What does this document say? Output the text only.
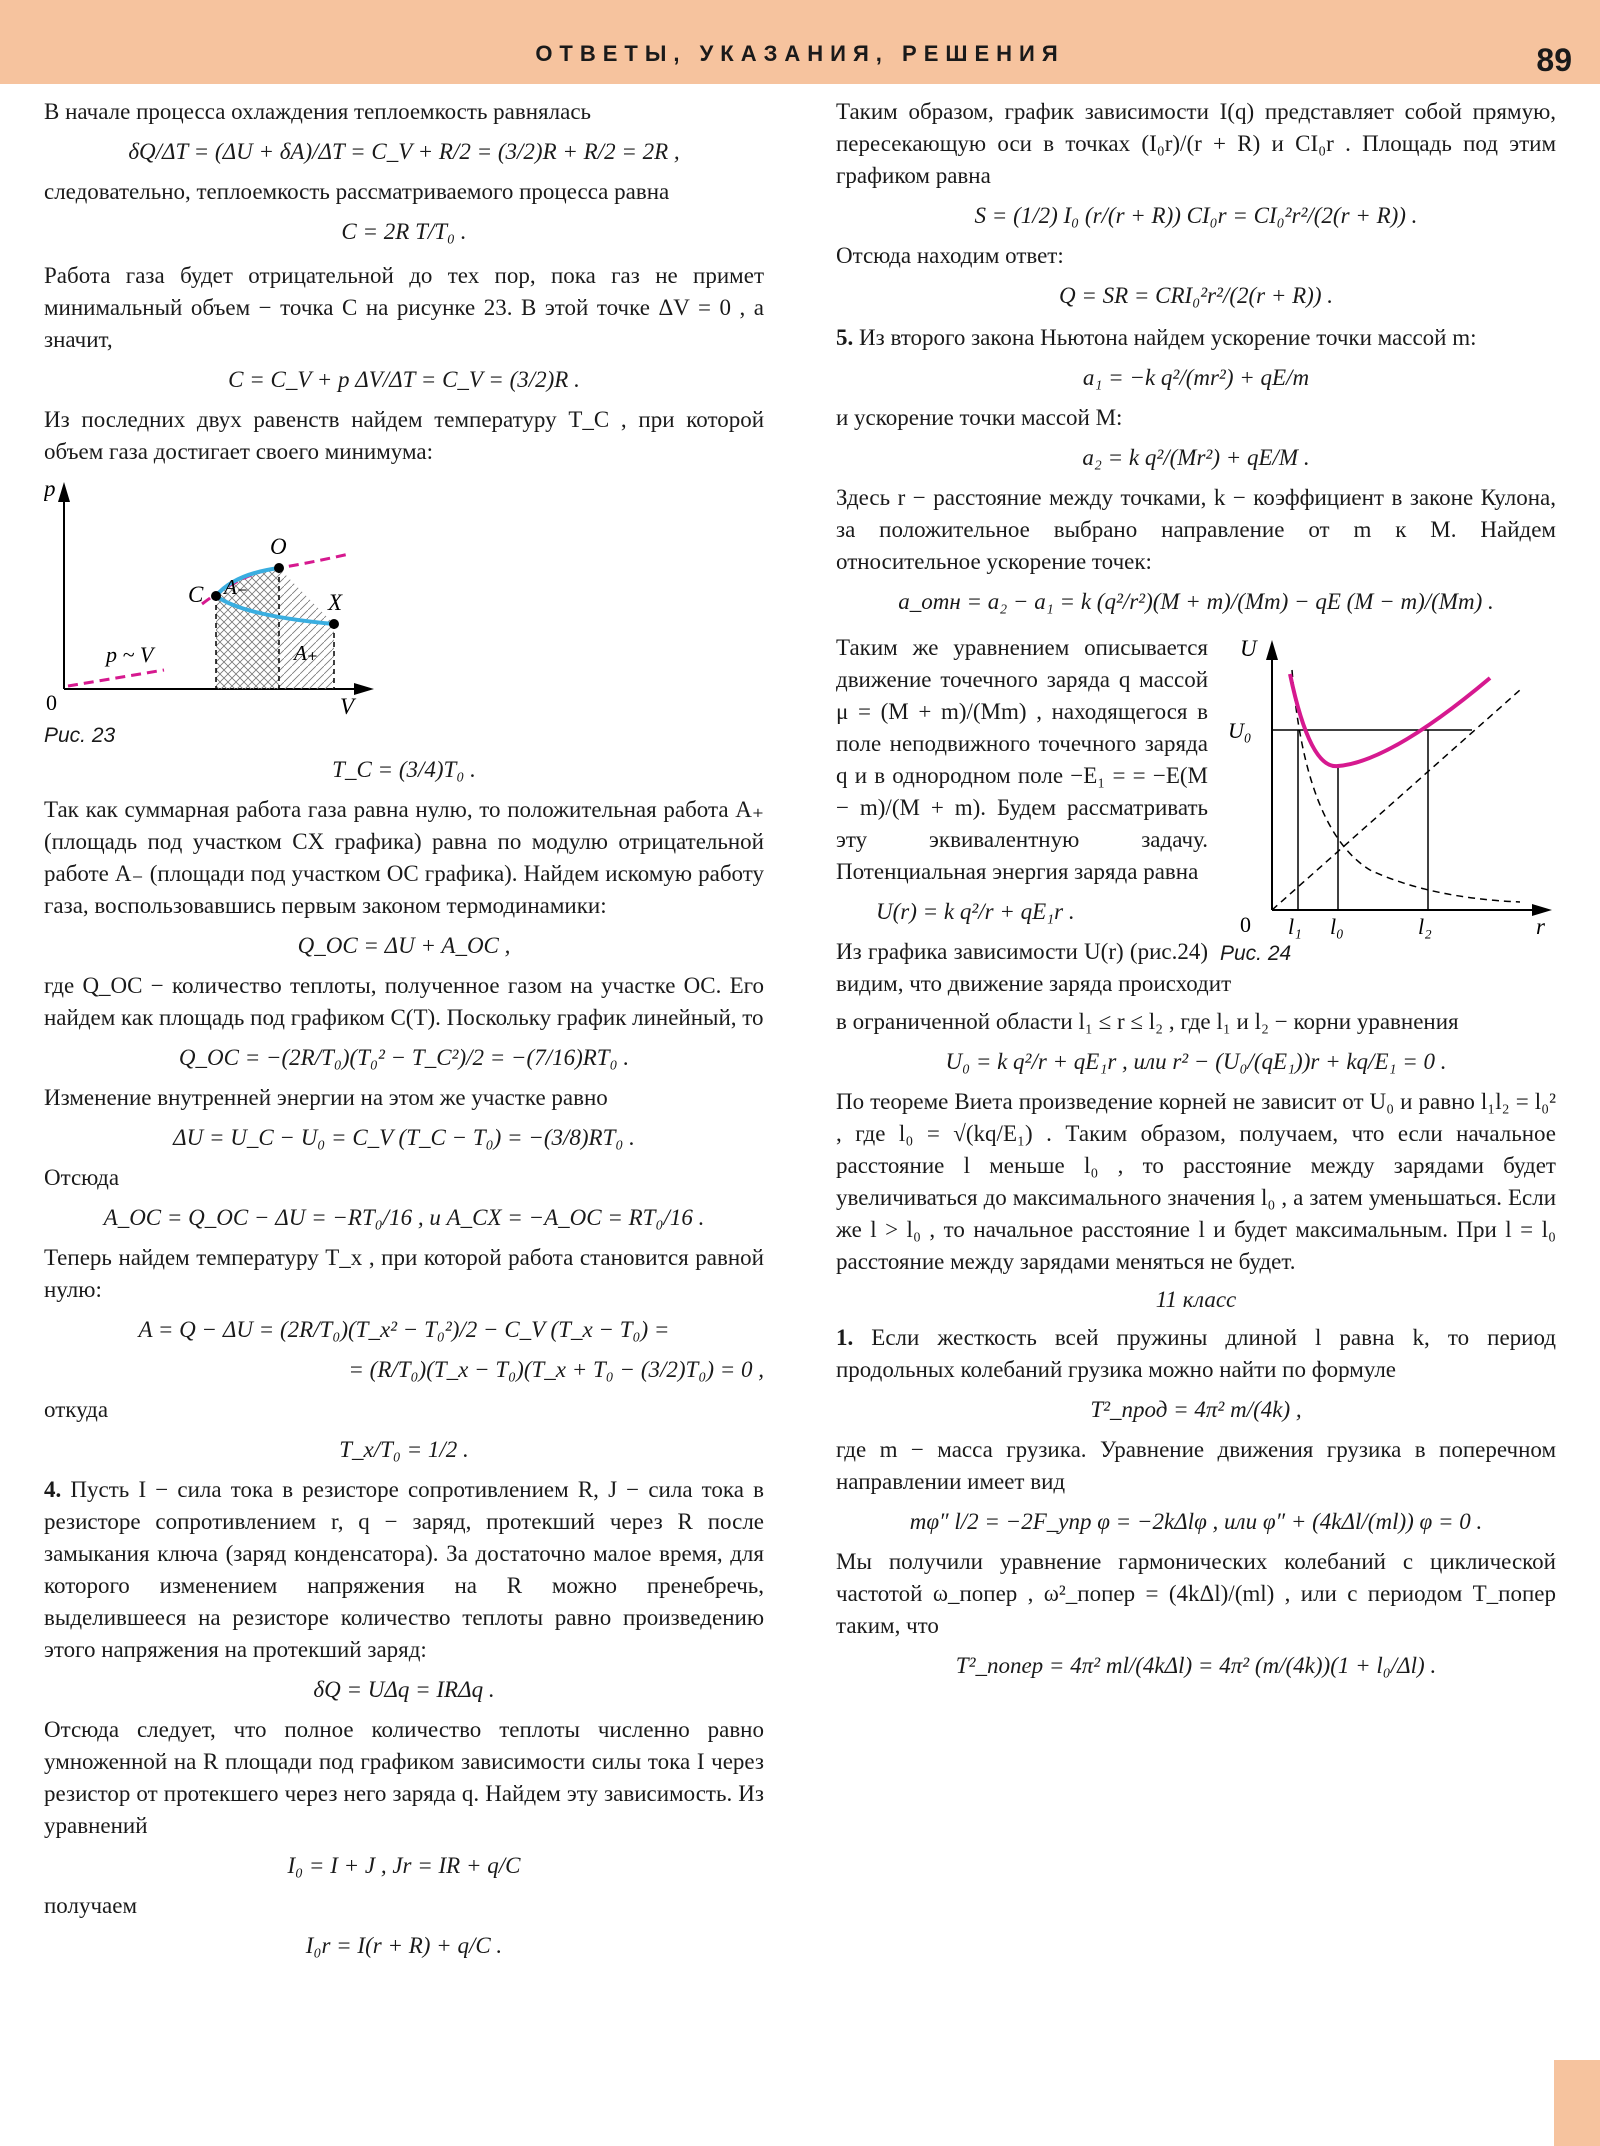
ОТВЕТЫ, УКАЗАНИЯ, РЕШЕНИЯ	89

В начале процесса охлаждения теплоемкость равнялась

δQ/ΔT = (ΔU + δA)/ΔT = C_V + R/2 = (3/2)R + R/2 = 2R ,

следовательно, теплоемкость рассматриваемого процесса равна

C = 2R T/T₀ .

Работа газа будет отрицательной до тех пор, пока газ не примет минимальный объем − точка C на рисунке 23. В этой точке ΔV = 0 , а значит,

C = C_V + p ΔV/ΔT = C_V = (3/2)R .

Из последних двух равенств найдем температуру T_C , при которой объем газа достигает своего минимума:

p
V
0
O
C	X
A₋
A₊
p ~ V
Рис. 23
T_C = (3/4)T₀ .

Так как суммарная работа газа равна нулю, то положительная работа A₊ (площадь под участком CX графика) равна по модулю отрицательной работе A₋ (площади под участком OC графика). Найдем искомую работу газа, воспользовавшись первым законом термодинамики:

Q_OC = ΔU + A_OC ,

где Q_OC − количество теплоты, полученное газом на участке OC. Его найдем как площадь под графиком C(T). Поскольку график линейный, то

Q_OC = −(2R/T₀)(T₀² − T_C²)/2 = −(7/16)RT₀ .

Изменение внутренней энергии на этом же участке равно

ΔU = U_C − U₀ = C_V (T_C − T₀) = −(3/8)RT₀ .

Отсюда

A_OC = Q_OC − ΔU = −RT₀/16 , и A_CX = −A_OC = RT₀/16 .

Теперь найдем температуру T_x , при которой работа становится равной нулю:

A = Q − ΔU = (2R/T₀)(T_x² − T₀²)/2 − C_V (T_x − T₀) =
= (R/T₀)(T_x − T₀)(T_x + T₀ − (3/2)T₀) = 0 ,

откуда

T_x/T₀ = 1/2 .

4. Пусть I − сила тока в резисторе сопротивлением R, J − сила тока в резисторе сопротивлением r, q − заряд, протекший через R после замыкания ключа (заряд конденсатора). За достаточно малое время, для которого изменением напряжения на R можно пренебречь, выделившееся на резисторе количество теплоты равно произведению этого напряжения на протекший заряд:

δQ = UΔq = IRΔq .

Отсюда следует, что полное количество теплоты численно равно умноженной на R площади под графиком зависимости силы тока I через резистор от протекшего через него заряда q. Найдем эту зависимость. Из уравнений

I₀ = I + J , Jr = IR + q/C

получаем

I₀r = I(r + R) + q/C .

Таким образом, график зависимости I(q) представляет собой прямую, пересекающую оси в точках (I₀r)/(r + R) и CI₀r . Площадь под этим графиком равна

S = (1/2) I₀ (r/(r + R)) CI₀r = CI₀²r²/(2(r + R)) .

Отсюда находим ответ:

Q = SR = CRI₀²r²/(2(r + R)) .

5. Из второго закона Ньютона найдем ускорение точки массой m:

a₁ = −k q²/(mr²) + qE/m

и ускорение точки массой M:

a₂ = k q²/(Mr²) + qE/M .

Здесь r − расстояние между точками, k − коэффициент в законе Кулона, за положительное выбрано направление от m к M. Найдем относительное ускорение точек:

a_отн = a₂ − a₁ = k (q²/r²)(M + m)/(Mm) − qE (M − m)/(Mm) .
U
U₀
0 l₁ l₀	l₂	r
Рис. 24

Таким же уравнением описывается движение точечного заряда q массой μ = (M + m)/(Mm) , находящегося в поле неподвижного точечного заряда q и в однородном поле −E₁ = = −E(M − m)/(M + m). Будем рассматривать эту эквивалентную задачу. Потенциальная энергия заряда равна

U(r) = k q²/r + qE₁r .

Из графика зависимости U(r) (рис.24) видим, что движение заряда происходит

в ограниченной области l₁ ≤ r ≤ l₂ , где l₁ и l₂ − корни уравнения

U₀ = k q²/r + qE₁r , или r² − (U₀/(qE₁))r + kq/E₁ = 0 .

По теореме Виета произведение корней не зависит от U₀ и равно l₁l₂ = l₀² , где l₀ = √(kq/E₁) . Таким образом, получаем, что если начальное расстояние l меньше l₀ , то расстояние между зарядами будет увеличиваться до максимального значения l₀ , а затем уменьшаться. Если же l > l₀ , то начальное расстояние l и будет максимальным. При l = l₀ расстояние между зарядами меняться не будет.

11 класс

1. Если жесткость всей пружины длиной l равна k, то период продольных колебаний грузика можно найти по формуле

T²_прод = 4π² m/(4k) ,

где m − масса грузика. Уравнение движения грузика в поперечном направлении имеет вид

mφ″ l/2 = −2F_упр φ = −2kΔlφ , или φ″ + (4kΔl/(ml)) φ = 0 .

Мы получили уравнение гармонических колебаний с циклической частотой ω_попер , ω²_попер = (4kΔl)/(ml) , или с периодом T_попер таким, что

T²_попер = 4π² ml/(4kΔl) = 4π² (m/(4k))(1 + l₀/Δl) .
